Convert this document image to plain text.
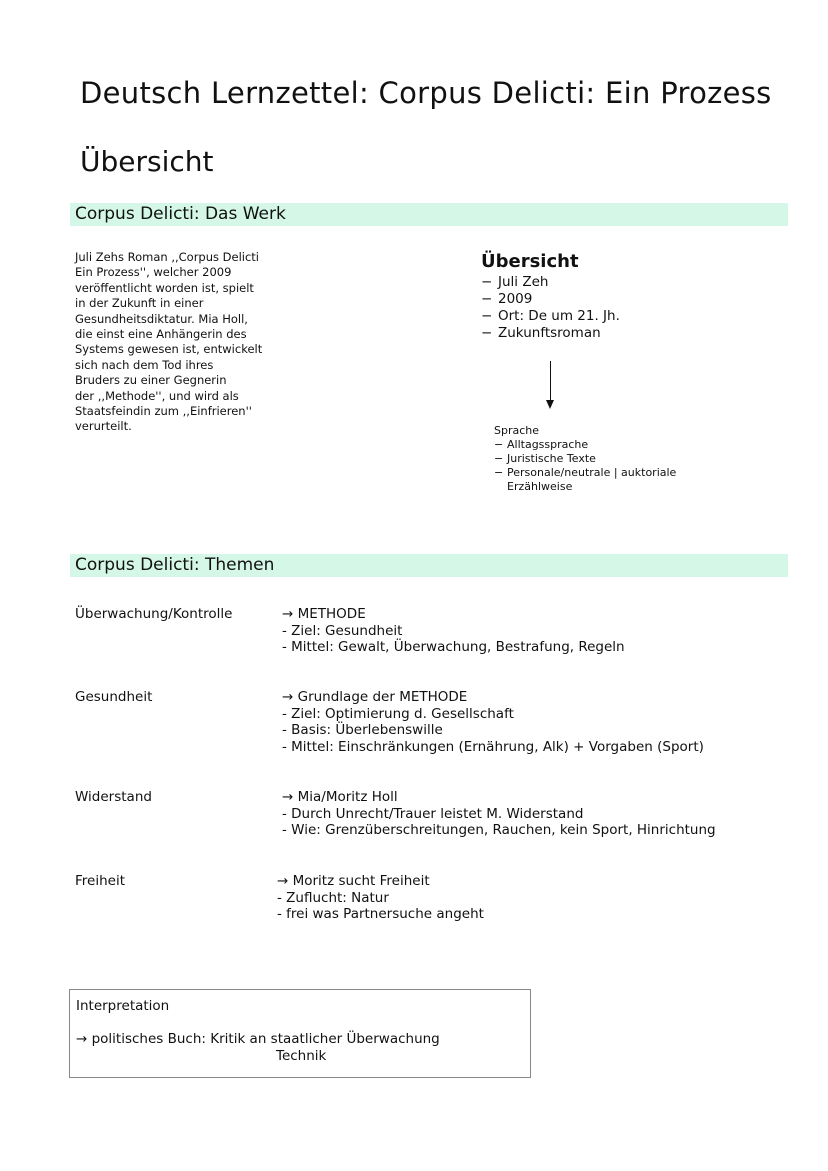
Deutsch Lernzettel: Corpus Delicti: Ein Prozess
Übersicht
Corpus Delicti: Das Werk
Juli Zehs Roman ,,Corpus Delicti
Ein Prozess'', welcher 2009
veröffentlicht worden ist, spielt
in der Zukunft in einer
Gesundheitsdiktatur. Mia Holl,
die einst eine Anhängerin des
Systems gewesen ist, entwickelt
sich nach dem Tod ihres
Bruders zu einer Gegnerin
der ,,Methode'', und wird als
Staatsfeindin zum ,,Einfrieren''
verurteilt.
Übersicht
− Juli Zeh
− 2009
− Ort: De um 21. Jh.
− Zukunftsroman
Sprache
− Alltagssprache
− Juristische Texte
− Personale/neutrale | auktoriale
Erzählweise
Corpus Delicti: Themen
Überwachung/Kontrolle	→ METHODE
- Ziel: Gesundheit
- Mittel: Gewalt, Überwachung, Bestrafung, Regeln
Gesundheit	→ Grundlage der METHODE
- Ziel: Optimierung d. Gesellschaft
- Basis: Überlebenswille
- Mittel: Einschränkungen (Ernährung, Alk) + Vorgaben (Sport)
Widerstand	→ Mia/Moritz Holl
- Durch Unrecht/Trauer leistet M. Widerstand
- Wie: Grenzüberschreitungen, Rauchen, kein Sport, Hinrichtung
Freiheit	→ Moritz sucht Freiheit
- Zuflucht: Natur
- frei was Partnersuche angeht
Interpretation
→ politisches Buch: Kritik an staatlicher Überwachung
Technik
